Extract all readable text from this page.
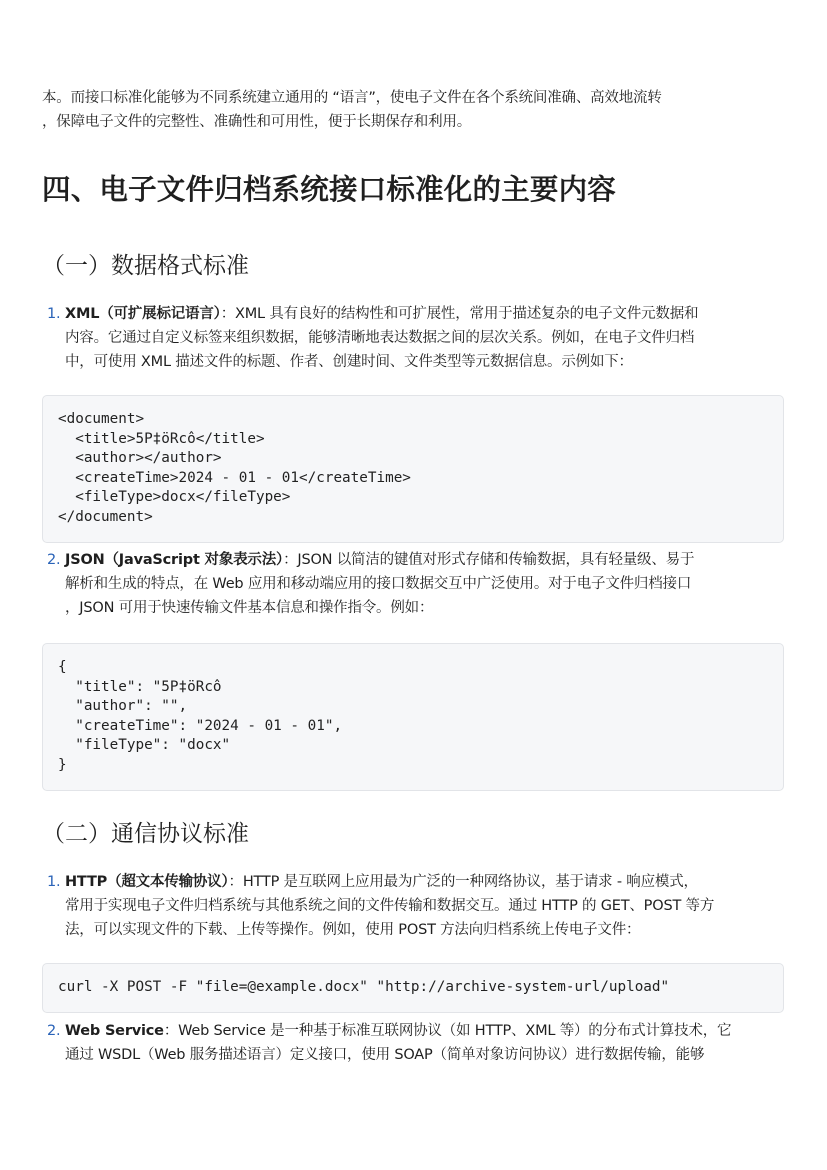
本。而接口标准化能够为不同系统建立通用的 “语言”，使电子文件在各个系统间准确、高效地流转
，保障电子文件的完整性、准确性和可用性，便于长期保存和利用。

四、电子文件归档系统接口标准化的主要内容
（一）数据格式标准
1. XML（可扩展标记语言）：XML 具有良好的结构性和可扩展性，常用于描述复杂的电子文件元数据和
内容。它通过自定义标签来组织数据，能够清晰地表达数据之间的层次关系。例如，在电子文件归档
中，可使用 XML 描述文件的标题、作者、创建时间、文件类型等元数据信息。示例如下：
<document>
<title>5P‡öRcô</title>
<author></author>
<createTime>2024 - 01 - 01</createTime>
<fileType>docx</fileType>
</document>
2. JSON（JavaScript 对象表示法）：JSON 以简洁的键值对形式存储和传输数据，具有轻量级、易于
解析和生成的特点，在 Web 应用和移动端应用的接口数据交互中广泛使用。对于电子文件归档接口
，JSON 可用于快速传输文件基本信息和操作指令。例如：
{
"title": "5P‡öRcô
"author": "",
"createTime": "2024 - 01 - 01",
"fileType": "docx"
}
（二）通信协议标准
1. HTTP（超文本传输协议）：HTTP 是互联网上应用最为广泛的一种网络协议，基于请求 - 响应模式，
常用于实现电子文件归档系统与其他系统之间的文件传输和数据交互。通过 HTTP 的 GET、POST 等方
法，可以实现文件的下载、上传等操作。例如，使用 POST 方法向归档系统上传电子文件：
curl -X POST -F "file=@example.docx" "http://archive-system-url/upload"
2. Web Service：Web Service 是一种基于标准互联网协议（如 HTTP、XML 等）的分布式计算技术，它
通过 WSDL（Web 服务描述语言）定义接口，使用 SOAP（简单对象访问协议）进行数据传输，能够
